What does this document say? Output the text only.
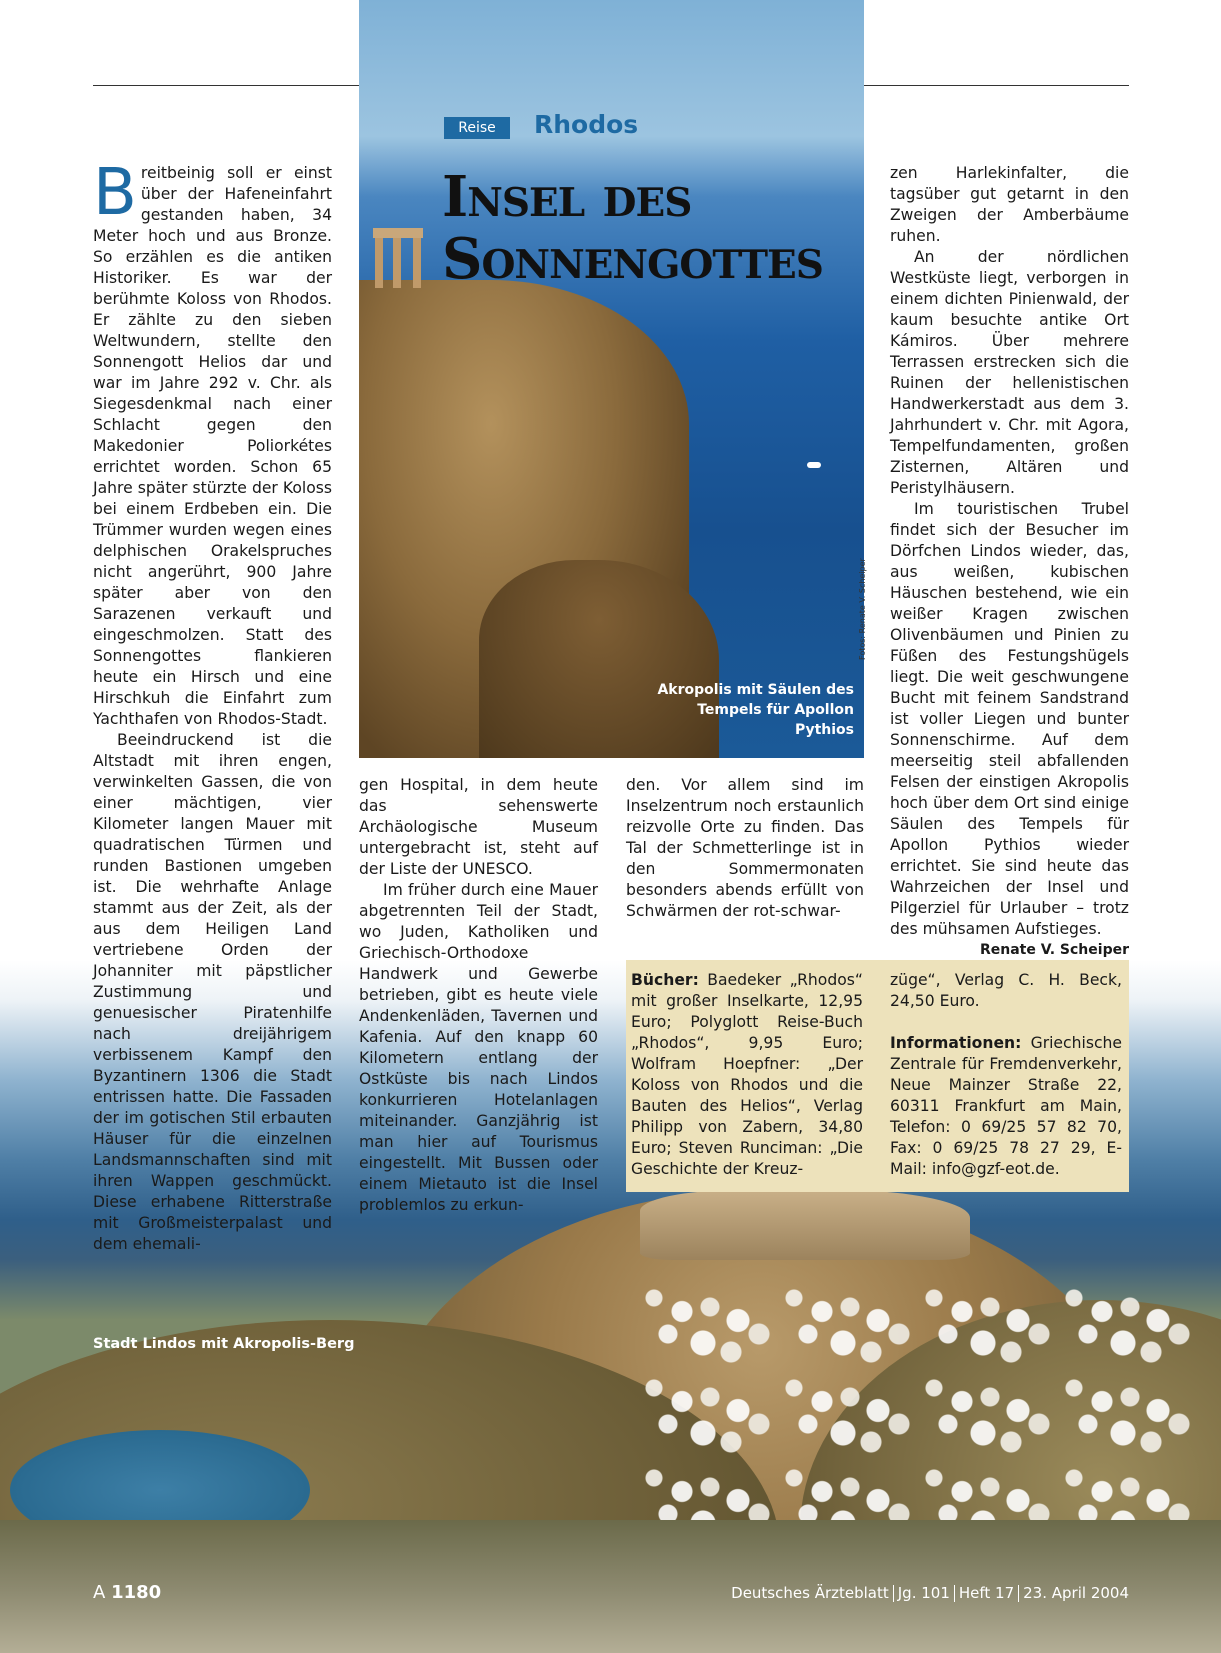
Reise	Rhodos
Insel des
Sonnengottes
Akropolis mit Säulen des Tempels für Apollon Pythios
Fotos: Renate V. Scheiper

Breitbeinig soll er einst über der Hafeneinfahrt gestanden haben, 34 Meter hoch und aus Bronze. So erzählen es die antiken Historiker. Es war der berühmte Koloss von Rhodos. Er zählte zu den sieben Weltwundern, stellte den Sonnengott Helios dar und war im Jahre 292 v. Chr. als Siegesdenkmal nach einer Schlacht gegen den Makedonier Poliorkétes errichtet worden. Schon 65 Jahre später stürzte der Koloss bei einem Erdbeben ein. Die Trümmer wurden wegen eines delphischen Orakelspruches nicht angerührt, 900 Jahre später aber von den Sarazenen verkauft und eingeschmolzen. Statt des Sonnengottes flankieren heute ein Hirsch und eine Hirschkuh die Einfahrt zum Yachthafen von Rhodos-Stadt.

Beeindruckend ist die Altstadt mit ihren engen, verwinkelten Gassen, die von einer mächtigen, vier Kilometer langen Mauer mit quadratischen Türmen und runden Bastionen umgeben ist. Die wehrhafte Anlage stammt aus der Zeit, als der aus dem Heiligen Land vertriebene Orden der Johanniter mit päpstlicher Zustimmung und genuesischer Piratenhilfe nach dreijährigem verbissenem Kampf den Byzantinern 1306 die Stadt entrissen hatte. Die Fassaden der im gotischen Stil erbauten Häuser für die einzelnen Landsmannschaften sind mit ihren Wappen geschmückt. Diese erhabene Ritterstraße mit Großmeisterpalast und dem ehemali-

gen Hospital, in dem heute das sehenswerte Archäologische Museum untergebracht ist, steht auf der Liste der UNESCO.

Im früher durch eine Mauer abgetrennten Teil der Stadt, wo Juden, Katholiken und Griechisch-Orthodoxe Handwerk und Gewerbe betrieben, gibt es heute viele Andenkenläden, Tavernen und Kafenia. Auf den knapp 60 Kilometern entlang der Ostküste bis nach Lindos konkurrieren Hotelanlagen miteinander. Ganzjährig ist man hier auf Tourismus eingestellt. Mit Bussen oder einem Mietauto ist die Insel problemlos zu erkun-

den. Vor allem sind im Inselzentrum noch erstaunlich reizvolle Orte zu finden. Das Tal der Schmetterlinge ist in den Sommermonaten besonders abends erfüllt von Schwärmen der rot-schwar-

zen Harlekinfalter, die tagsüber gut getarnt in den Zweigen der Amberbäume ruhen.

An der nördlichen Westküste liegt, verborgen in einem dichten Pinienwald, der kaum besuchte antike Ort Kámiros. Über mehrere Terrassen erstrecken sich die Ruinen der hellenistischen Handwerkerstadt aus dem 3. Jahrhundert v. Chr. mit Agora, Tempelfundamenten, großen Zisternen, Altären und Peristylhäusern.

Im touristischen Trubel findet sich der Besucher im Dörfchen Lindos wieder, das, aus weißen, kubischen Häuschen bestehend, wie ein weißer Kragen zwischen Olivenbäumen und Pinien zu Füßen des Festungshügels liegt. Die weit geschwungene Bucht mit feinem Sandstrand ist voller Liegen und bunter Sonnenschirme. Auf dem meerseitig steil abfallenden Felsen der einstigen Akropolis hoch über dem Ort sind einige Säulen des Tempels für Apollon Pythios wieder errichtet. Sie sind heute das Wahrzeichen der Insel und Pilgerziel für Urlauber – trotz des mühsamen Aufstieges.
Renate V. Scheiper

Bücher: Baedeker „Rhodos“ mit großer Inselkarte, 12,95 Euro; Polyglott Reise-Buch „Rhodos“, 9,95 Euro; Wolfram Hoepfner: „Der Koloss von Rhodos und die Bauten des Helios“, Verlag Philipp von Zabern, 34,80 Euro; Steven Runciman: „Die Geschichte der Kreuz-

züge“, Verlag C. H. Beck, 24,50 Euro.

Informationen: Griechische Zentrale für Fremdenverkehr, Neue Mainzer Straße 22, 60311 Frankfurt am Main, Telefon: 0 69/25 57 82 70, Fax: 0 69/25 78 27 29, E-Mail: info@gzf-eot.de.

Stadt Lindos mit Akropolis-Berg
A 1180	Deutsches Ärzteblatt Jg. 101 Heft 17 23. April 2004
